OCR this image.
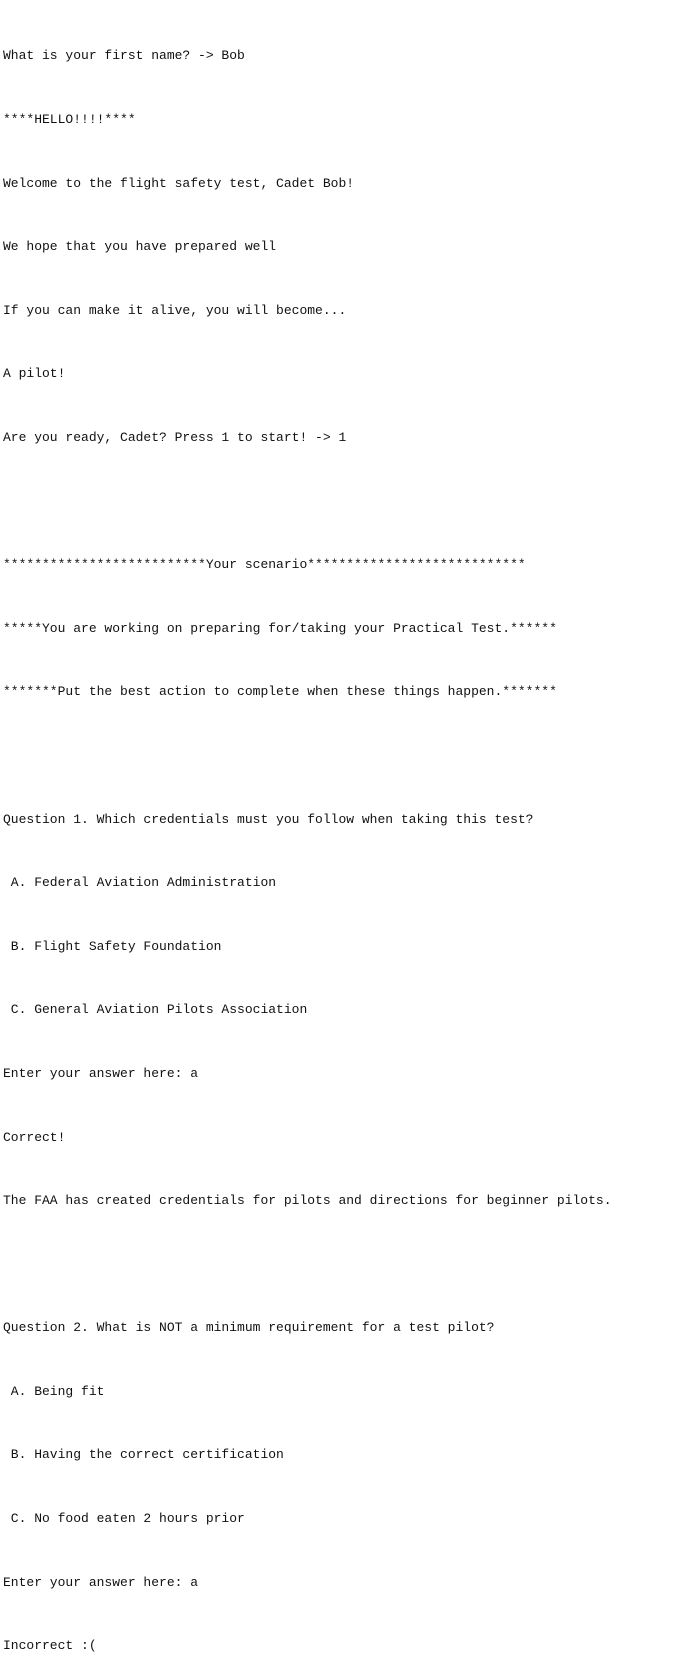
What is your first name? -> Bob

****HELLO!!!!****

Welcome to the flight safety test, Cadet Bob!

We hope that you have prepared well

If you can make it alive, you will become...

A pilot!

Are you ready, Cadet? Press 1 to start! -> 1

**************************Your scenario****************************

*****You are working on preparing for/taking your Practical Test.******

*******Put the best action to complete when these things happen.*******

Question 1. Which credentials must you follow when taking this test?

A. Federal Aviation Administration

B. Flight Safety Foundation

C. General Aviation Pilots Association

Enter your answer here: a

Correct!

The FAA has created credentials for pilots and directions for beginner pilots.

Question 2. What is NOT a minimum requirement for a test pilot?

A. Being fit

B. Having the correct certification

C. No food eaten 2 hours prior

Enter your answer here: a

Incorrect :(
